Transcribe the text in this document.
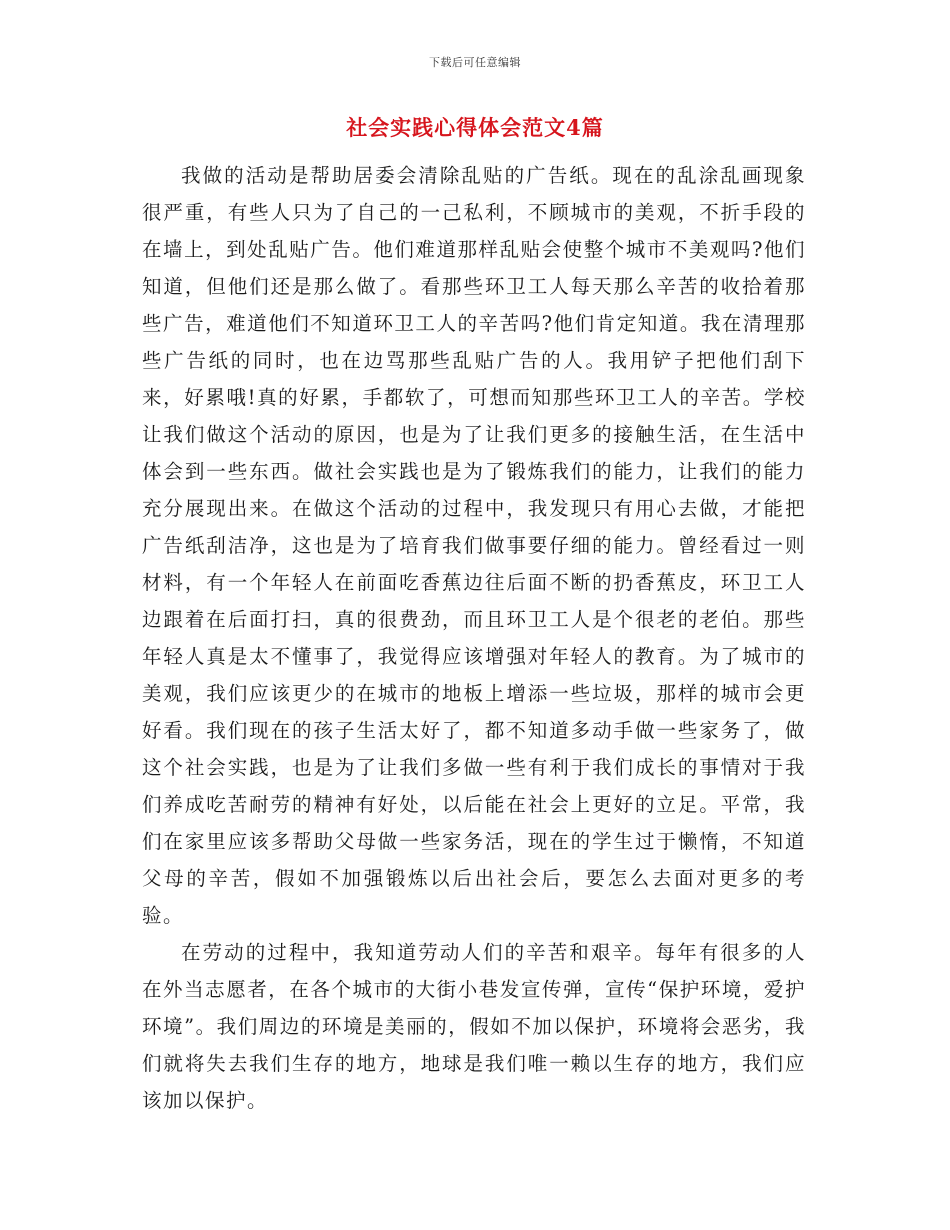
下载后可任意编辑
社会实践心得体会范文4篇

我做的活动是帮助居委会清除乱贴的广告纸。现在的乱涂乱画现象很严重，有些人只为了自己的一己私利，不顾城市的美观，不折手段的在墙上，到处乱贴广告。他们难道那样乱贴会使整个城市不美观吗?他们知道，但他们还是那么做了。看那些环卫工人每天那么辛苦的收拾着那些广告，难道他们不知道环卫工人的辛苦吗?他们肯定知道。我在清理那些广告纸的同时，也在边骂那些乱贴广告的人。我用铲子把他们刮下来，好累哦!真的好累，手都软了，可想而知那些环卫工人的辛苦。学校让我们做这个活动的原因，也是为了让我们更多的接触生活，在生活中体会到一些东西。做社会实践也是为了锻炼我们的能力，让我们的能力充分展现出来。在做这个活动的过程中，我发现只有用心去做，才能把广告纸刮洁净，这也是为了培育我们做事要仔细的能力。曾经看过一则材料，有一个年轻人在前面吃香蕉边往后面不断的扔香蕉皮，环卫工人边跟着在后面打扫，真的很费劲，而且环卫工人是个很老的老伯。那些年轻人真是太不懂事了，我觉得应该增强对年轻人的教育。为了城市的美观，我们应该更少的在城市的地板上增添一些垃圾，那样的城市会更好看。我们现在的孩子生活太好了，都不知道多动手做一些家务了，做这个社会实践，也是为了让我们多做一些有利于我们成长的事情对于我们养成吃苦耐劳的精神有好处，以后能在社会上更好的立足。平常，我们在家里应该多帮助父母做一些家务活，现在的学生过于懒惰，不知道父母的辛苦，假如不加强锻炼以后出社会后，要怎么去面对更多的考验。

在劳动的过程中，我知道劳动人们的辛苦和艰辛。每年有很多的人在外当志愿者，在各个城市的大街小巷发宣传弹，宣传“保护环境，爱护环境”。我们周边的环境是美丽的，假如不加以保护，环境将会恶劣，我们就将失去我们生存的地方，地球是我们唯一赖以生存的地方，我们应该加以保护。
